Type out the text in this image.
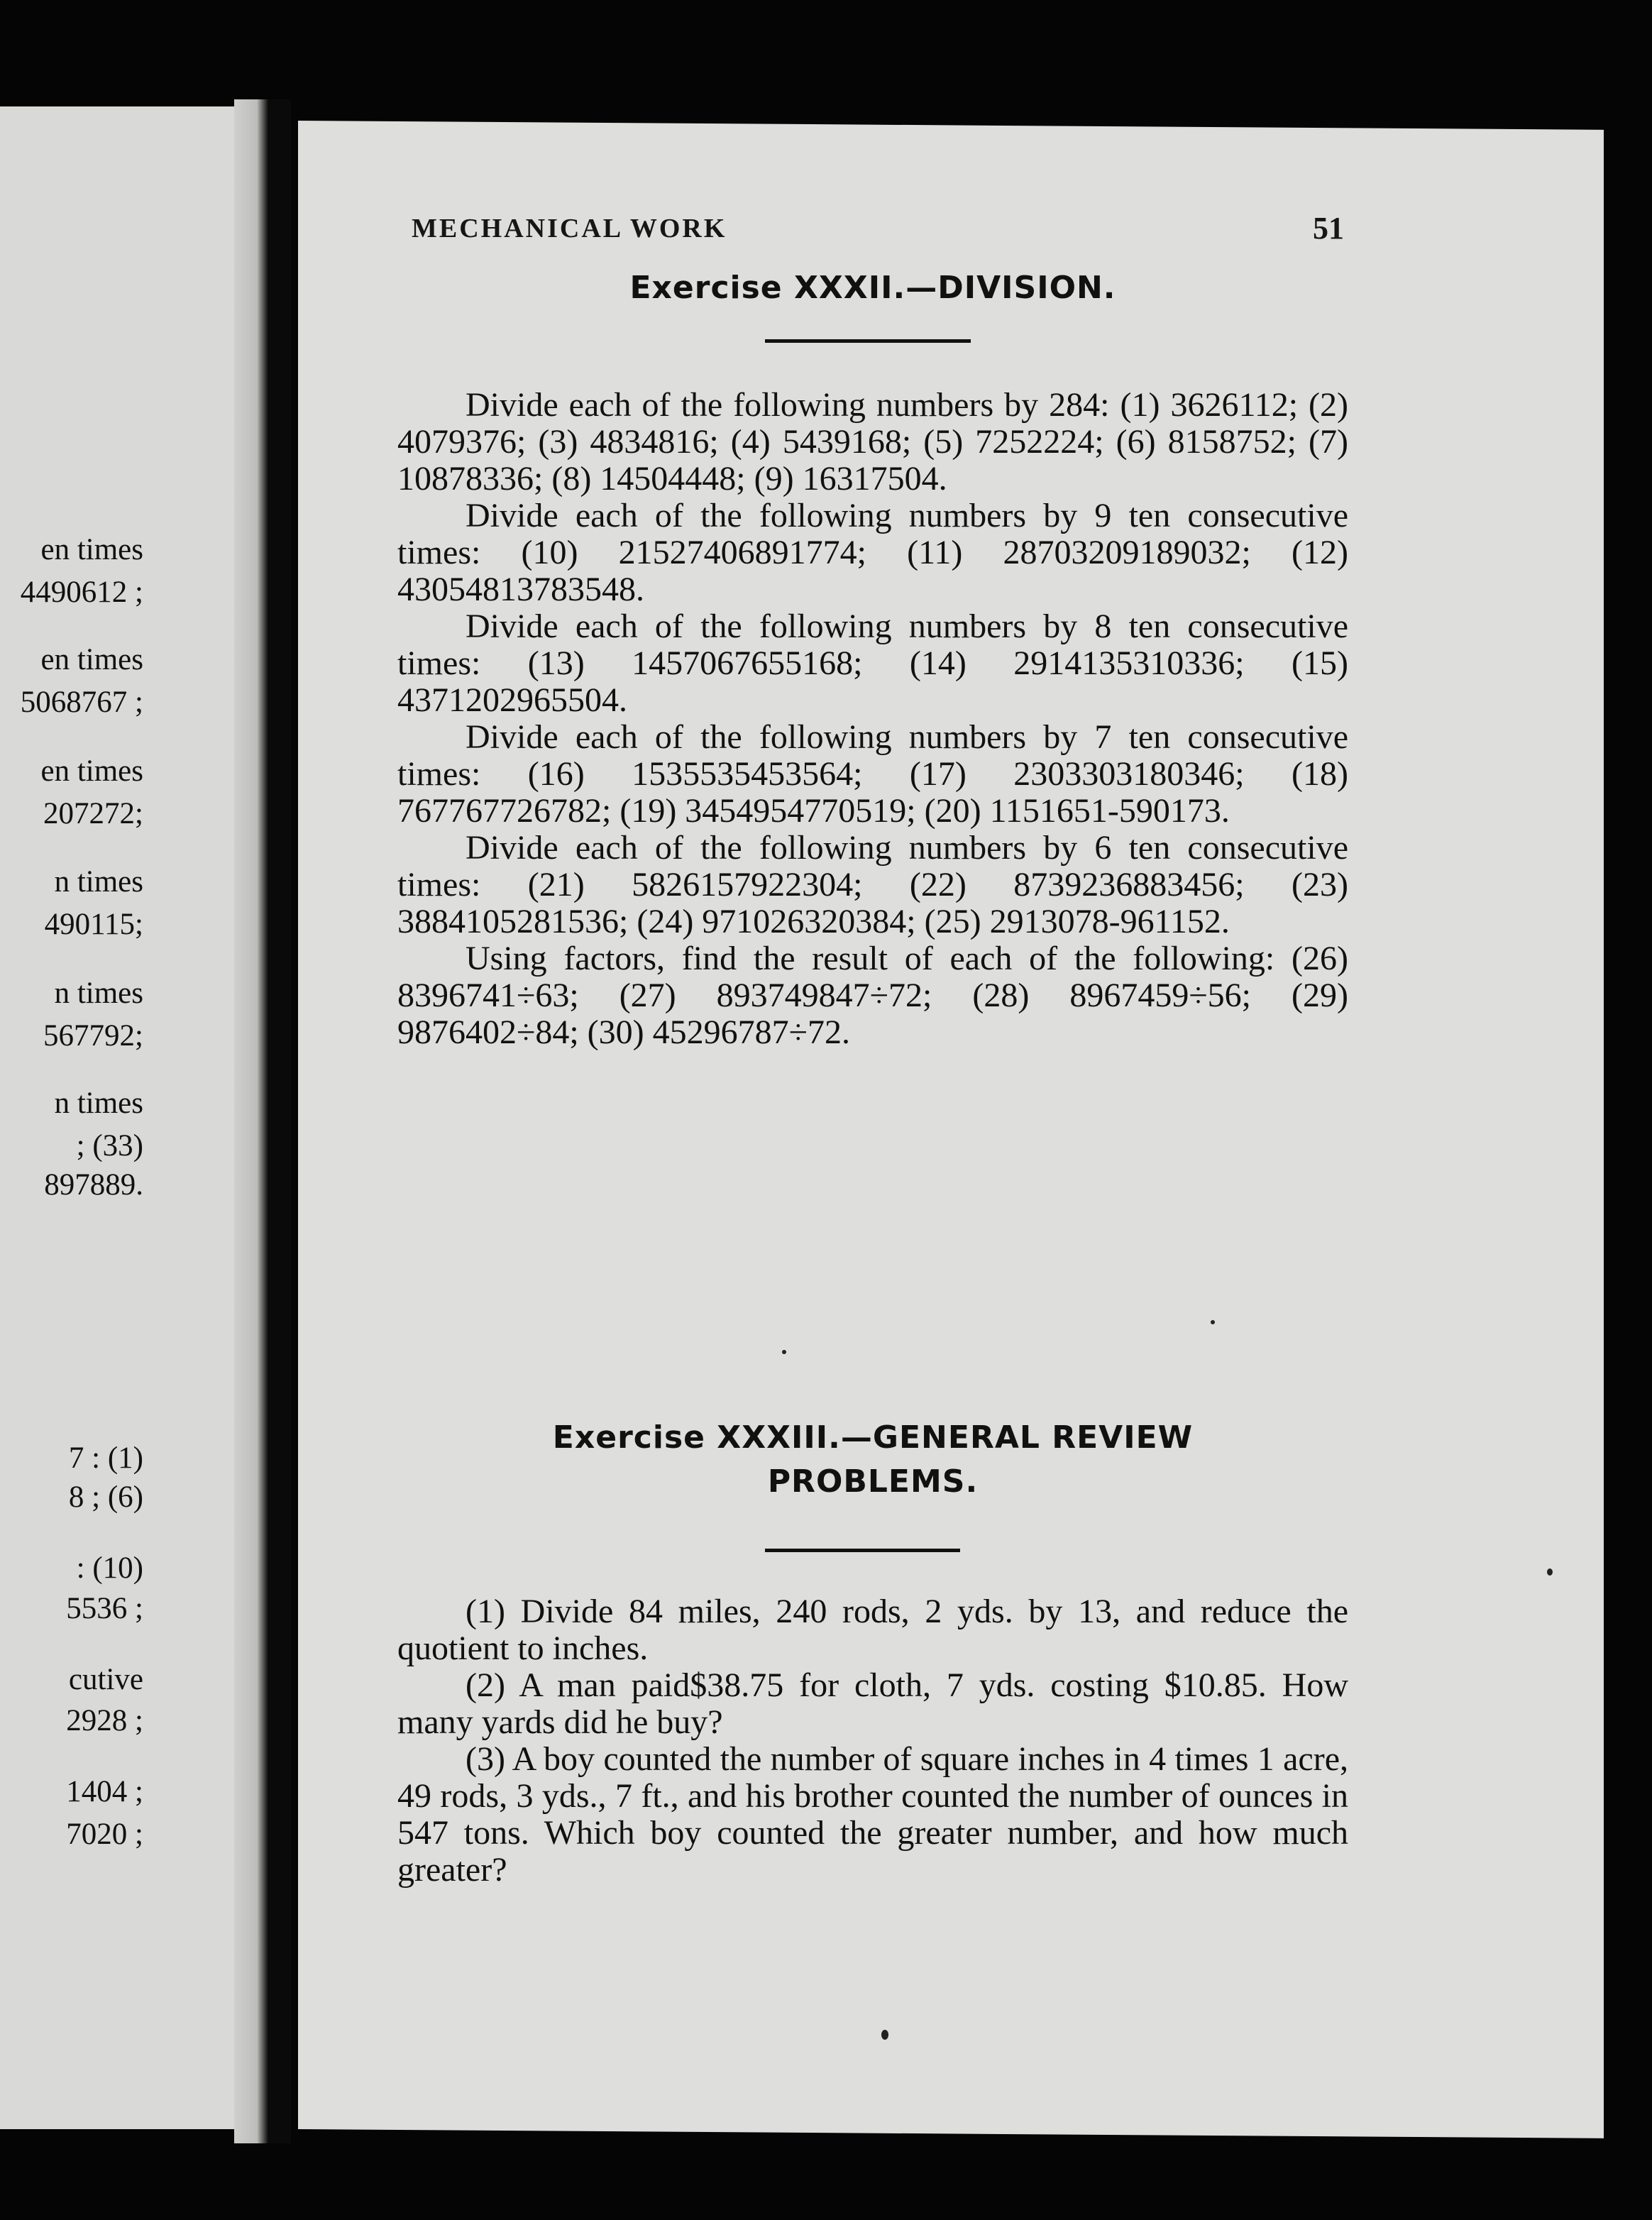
en times
4490612 ;
en times
5068767 ;
en times
207272;
n times
490115;
n times
567792;
n times
; (33)
897889.
7 : (1)
8 ; (6)
: (10)
5536 ;
cutive
2928 ;
1404 ;
7020 ;
MECHANICAL WORK	51
Exercise XXXII.—DIVISION.

Divide each of the following numbers by 284: (1) 3626112; (2) 4079376; (3) 4834816; (4) 5439168; (5) 7252224; (6) 8158752; (7) 10878336; (8) 14504448; (9) 16317504.

Divide each of the following numbers by 9 ten consecutive times: (10) 21527406891774; (11) 28703209189032; (12) 43054813783548.

Divide each of the following numbers by 8 ten consecutive times: (13) 1457067655168; (14) 2914135310336; (15) 4371202965504.

Divide each of the following numbers by 7 ten consecutive times: (16) 1535535453564; (17) 2303303180346; (18) 767767726782; (19) 3454954770519; (20) 1151651-590173.

Divide each of the following numbers by 6 ten consecutive times: (21) 5826157922304; (22) 8739236883456; (23) 3884105281536; (24) 971026320384; (25) 2913078-961152.

Using factors, find the result of each of the following: (26) 8396741÷63; (27) 893749847÷72; (28) 8967459÷56; (29) 9876402÷84; (30) 45296787÷72.

Exercise XXXIII.—GENERAL REVIEW
PROBLEMS.

(1) Divide 84 miles, 240 rods, 2 yds. by 13, and reduce the quotient to inches.

(2) A man paid$38.75 for cloth, 7 yds. costing $10.85. How many yards did he buy?

(3) A boy counted the number of square inches in 4 times 1 acre, 49 rods, 3 yds., 7 ft., and his brother counted the number of ounces in 547 tons. Which boy counted the greater number, and how much greater?
